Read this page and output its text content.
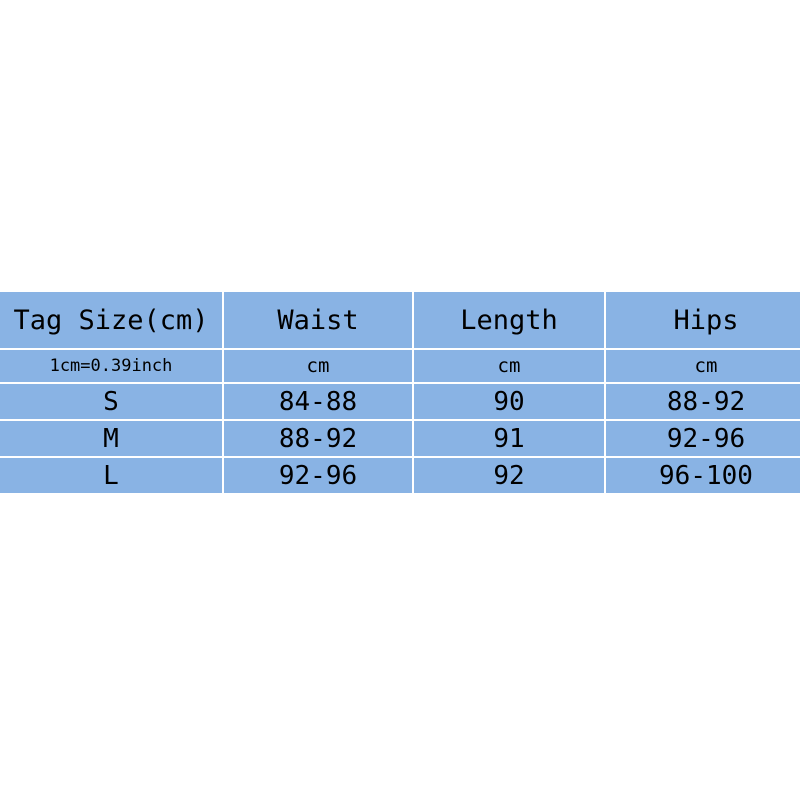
Tag Size(cm)	Waist	Length	Hips
1cm=0.39inch	cm	cm	cm
S	84-88	90	88-92
M	88-92	91	92-96
L	92-96	92	96-100
